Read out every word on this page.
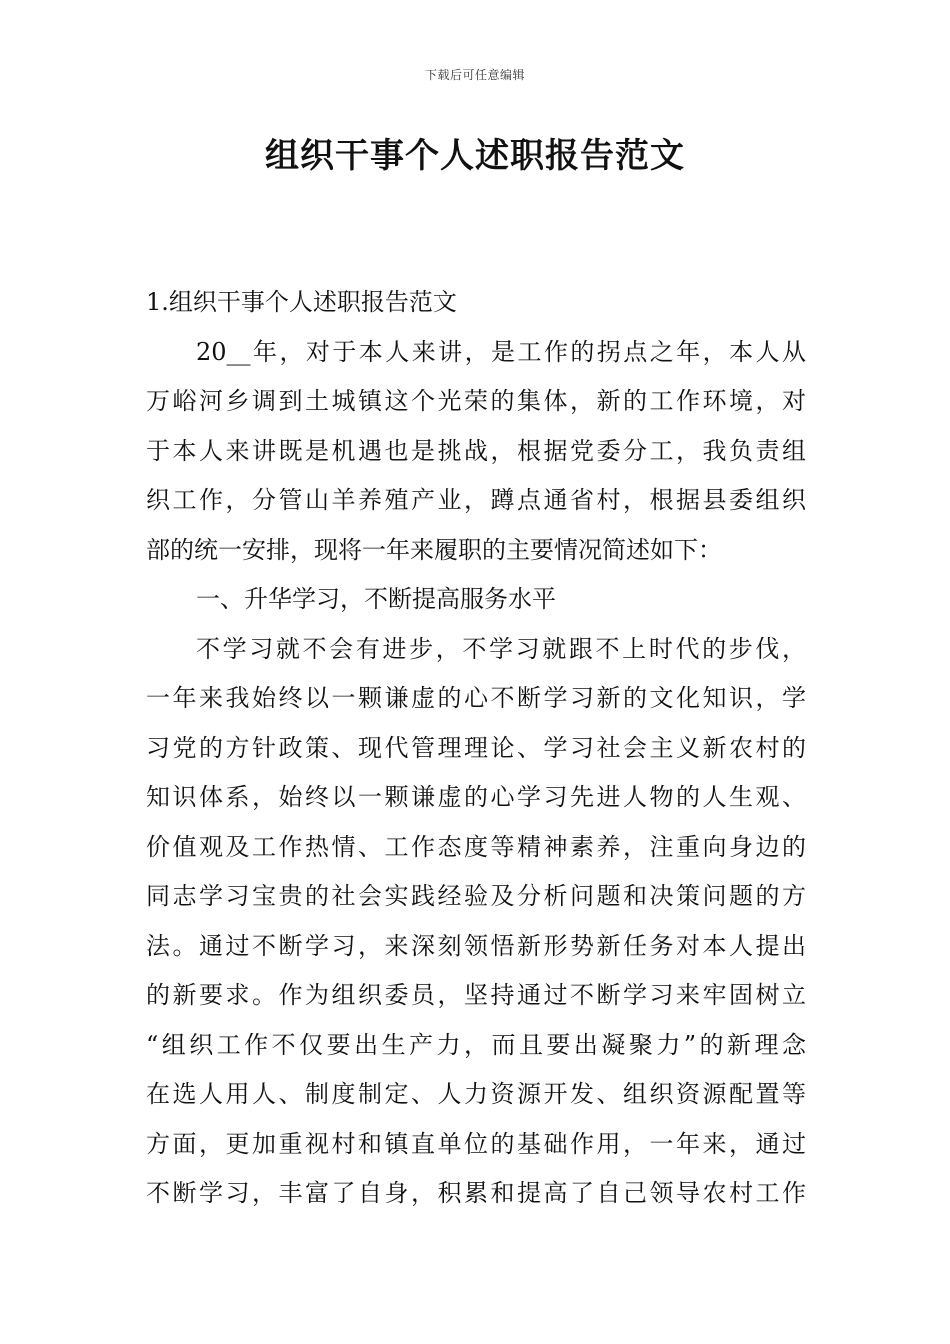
下载后可任意编辑
组织干事个人述职报告范文
1.组织干事个人述职报告范文
20__年，对于本人来讲，是工作的拐点之年，本人从
万峪河乡调到土城镇这个光荣的集体，新的工作环境，对
于本人来讲既是机遇也是挑战，根据党委分工，我负责组
织工作，分管山羊养殖产业，蹲点通省村，根据县委组织
部的统一安排，现将一年来履职的主要情况简述如下：
一、升华学习，不断提高服务水平
不学习就不会有进步，不学习就跟不上时代的步伐，
一年来我始终以一颗谦虚的心不断学习新的文化知识，学
习党的方针政策、现代管理理论、学习社会主义新农村的
知识体系，始终以一颗谦虚的心学习先进人物的人生观、
价值观及工作热情、工作态度等精神素养，注重向身边的
同志学习宝贵的社会实践经验及分析问题和决策问题的方
法。通过不断学习，来深刻领悟新形势新任务对本人提出
的新要求。作为组织委员，坚持通过不断学习来牢固树立
“组织工作不仅要出生产力，而且要出凝聚力”的新理念
在选人用人、制度制定、人力资源开发、组织资源配置等
方面，更加重视村和镇直单位的基础作用，一年来，通过
不断学习，丰富了自身，积累和提高了自己领导农村工作
